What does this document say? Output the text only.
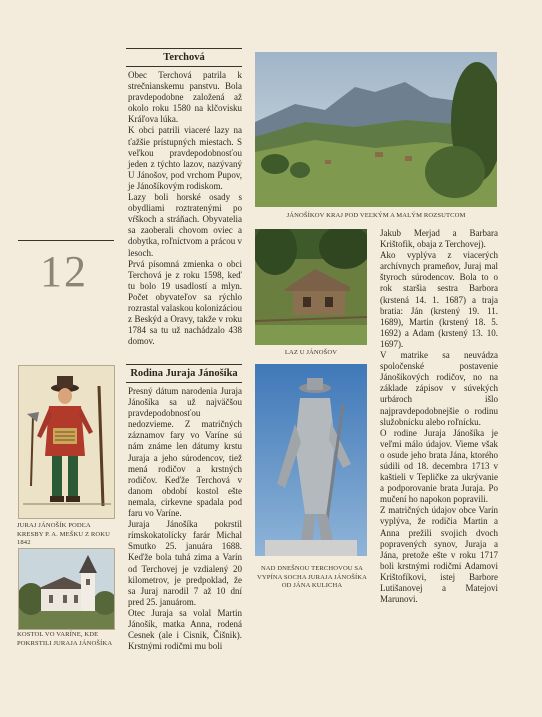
12
JURAJ JÁNOŠÍK PODĽA KRESBY P. A. MEŠKU Z ROKU 1842
KOSTOL VO VARÍNE, KDE POKRSTILI JURAJA JÁNOŠÍKA
Terchová

Obec Terchová patrila k strečnianskemu panstvu. Bola pravdepodobne založená až okolo roku 1580 na klčovisku Kráľova lúka.

K obci patrili viaceré lazy na ťažšie prístupných miestach. S veľkou pravdepodobnosťou jeden z týchto lazov, nazývaný U Jánošov, pod vrchom Pupov, je Jánošíkovým rodiskom.

Lazy boli horské osady s obydliami roztratenými po vŕškoch a stráňach. Obyvatelia sa zaoberali chovom oviec a dobytka, roľníctvom a prácou v lesoch.

Prvá písomná zmienka o obci Terchová je z roku 1598, keď tu bolo 19 usadlostí a mlyn. Počet obyvateľov sa rýchlo rozrastal valaskou kolonizáciou z Beskýd a Oravy, takže v roku 1784 sa tu už nachádzalo 438 domov.

Rodina Juraja Jánošíka

Presný dátum narodenia Juraja Jánošíka sa už najväčšou pravdepodobnosťou nedozvieme. Z matričných záznamov fary vo Varíne sú nám známe len dátumy krstu Juraja a jeho súrodencov, tiež mená rodičov a krstných rodičov. Keďže Terchová v danom období kostol ešte nemala, cirkevne spadala pod faru vo Varíne.

Juraja Jánošíka pokrstil rímskokatolícky farár Michal Smutko 25. januára 1688. Keďže bola tuhá zima a Varín od Terchovej je vzdialený 20 kilometrov, je predpoklad, že sa Juraj narodil 7 až 10 dní pred 25. januárom.

Otec Juraja sa volal Martin Jánošík, matka Anna, rodená Cesnek (ale i Cisnik, Čišnik). Krstnými rodičmi mu boli

JÁNOŠÍKOV KRAJ POD VEĽKÝM A MALÝM ROZSUTCOM
LAZ U JÁNOŠOV
NAD DNEŠNOU TERCHOVOU SA VYPÍNA SOCHA JURAJA JÁNOŠÍKA OD JÁNA KULICHA

Jakub Merjad a Barbara Krištofik, obaja z Terchovej).

Ako vyplýva z viacerých archívnych prameňov, Juraj mal štyroch súrodencov. Bola to o rok staršia sestra Barbora (krstená 14. 1. 1687) a traja bratia: Ján (krstený 19. 11. 1689), Martin (krstený 18. 5. 1692) a Adam (krstený 13. 10. 1697).

V matrike sa neuvádza spoločenské postavenie Jánošíkových rodičov, no na základe zápisov v súvekých urbároch išlo najpravdepodobnejšie o rodinu služobnícku alebo roľnícku.

O rodine Juraja Jánošíka je veľmi málo údajov. Vieme však o osude jeho brata Jána, ktorého súdili od 18. decembra 1713 v kaštieli v Tepličke za ukrývanie a podporovanie brata Juraja. Po mučení ho napokon popravili.

Z matričných údajov obce Varín vyplýva, že rodičia Martin a Anna prežili svojich dvoch popravených synov, Juraja a Jána, pretože ešte v roku 1717 boli krstnými rodičmi Adamovi Krištofíkovi, istej Barbore Lutišanovej a Matejovi Marunovi.
